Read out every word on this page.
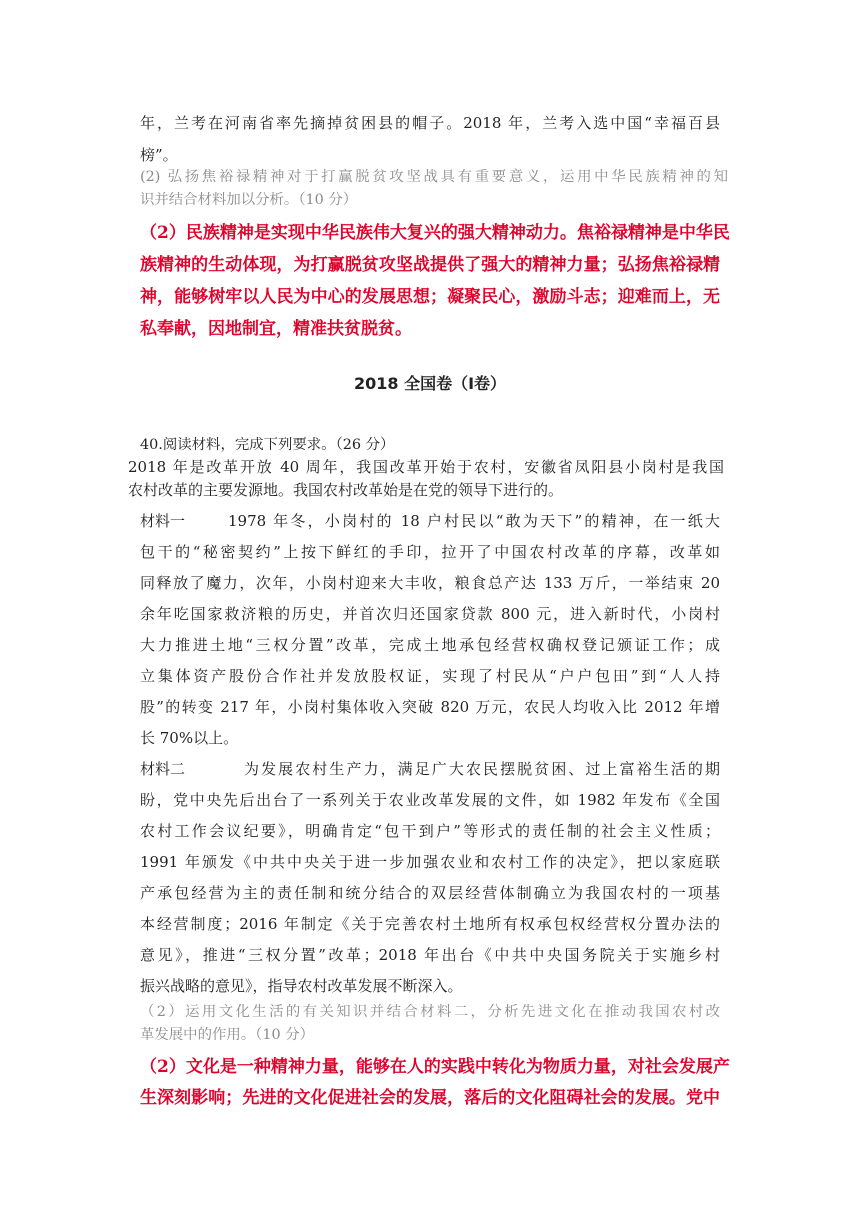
年，兰考在河南省率先摘掉贫困县的帽子。2018 年，兰考入选中国“幸福百县
榜”。
(2) 弘扬焦裕禄精神对于打赢脱贫攻坚战具有重要意义，运用中华民族精神的知
识并结合材料加以分析。（10 分）
（2）民族精神是实现中华民族伟大复兴的强大精神动力。焦裕禄精神是中华民
族精神的生动体现，为打赢脱贫攻坚战提供了强大的精神力量；弘扬焦裕禄精
神，能够树牢以人民为中心的发展思想；凝聚民心，激励斗志；迎难而上，无
私奉献，因地制宜，精准扶贫脱贫。
2018 全国卷（Ⅰ卷）
40.阅读材料，完成下列要求。（26 分）
2018 年是改革开放 40 周年，我国改革开始于农村，安徽省凤阳县小岗村是我国
农村改革的主要发源地。我国农村改革始是在党的领导下进行的。
材料一	1978 年冬，小岗村的 18 户村民以“敢为天下”的精神，在一纸大
包干的“秘密契约”上按下鲜红的手印，拉开了中国农村改革的序幕，改革如
同释放了魔力，次年，小岗村迎来大丰收，粮食总产达 133 万斤，一举结束 20
余年吃国家救济粮的历史，并首次归还国家贷款 800 元，进入新时代，小岗村
大力推进土地“三权分置”改革，完成土地承包经营权确权登记颁证工作；成
立集体资产股份合作社并发放股权证，实现了村民从“户户包田”到“人人持
股”的转变 217 年，小岗村集体收入突破 820 万元，农民人均收入比 2012 年增
长 70%以上。
材料二	为发展农村生产力，满足广大农民摆脱贫困、过上富裕生活的期
盼，党中央先后出台了一系列关于农业改革发展的文件，如 1982 年发布《全国
农村工作会议纪要》，明确肯定“包干到户”等形式的责任制的社会主义性质；
1991 年颁发《中共中央关于进一步加强农业和农村工作的决定》，把以家庭联
产承包经营为主的责任制和统分结合的双层经营体制确立为我国农村的一项基
本经营制度；2016 年制定《关于完善农村土地所有权承包权经营权分置办法的
意见》，推进“三权分置”改革；2018 年出台《中共中央国务院关于实施乡村
振兴战略的意见》，指导农村改革发展不断深入。
（2）运用文化生活的有关知识并结合材料二，分析先进文化在推动我国农村改
革发展中的作用。（10 分）
（2）文化是一种精神力量，能够在人的实践中转化为物质力量，对社会发展产
生深刻影响；先进的文化促进社会的发展，落后的文化阻碍社会的发展。党中
